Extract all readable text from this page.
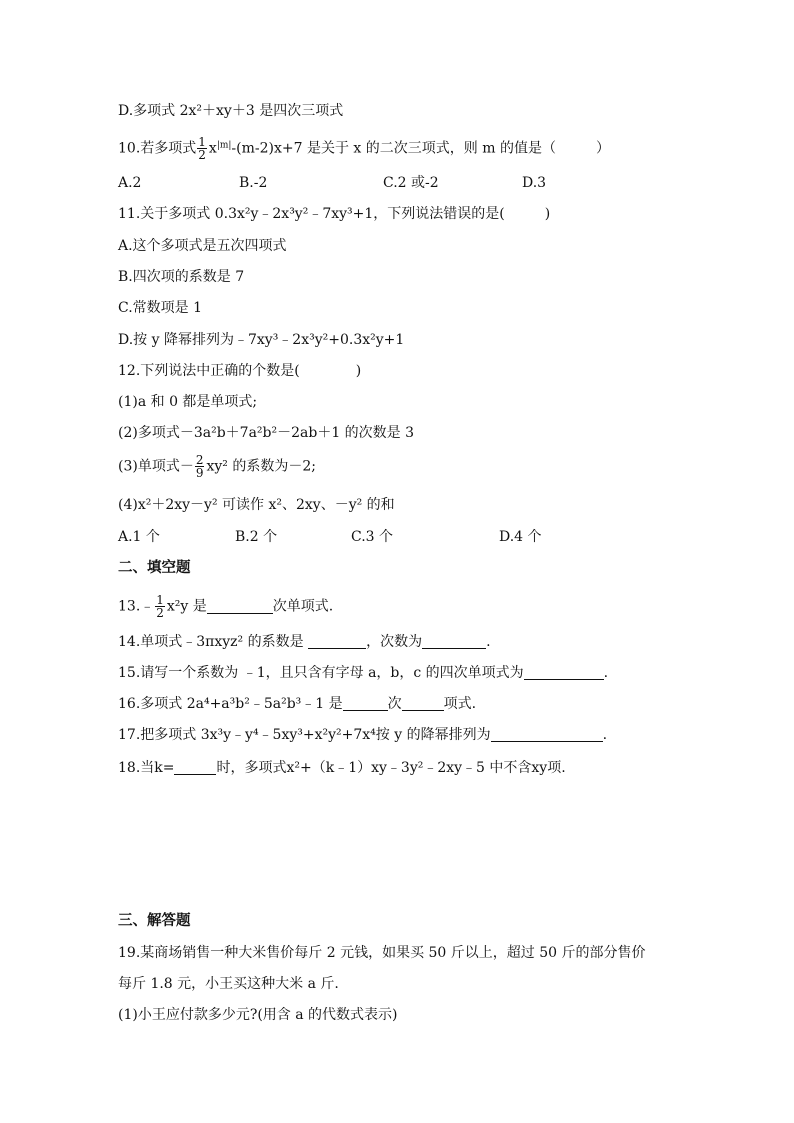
D.多项式 2x²＋xy＋3 是四次三项式
10.若多项式 $\frac{1}{2} x^{|m|}-(m-2)x+7$ 是关于 x 的二次三项式，则 m 的值是（	）
A.2	B.-2	C.2 或-2	D.3
11.关于多项式 0.3x²y﹣2x³y²﹣7xy³+1，下列说法错误的是(	)
A.这个多项式是五次四项式
B.四次项的系数是 7
C.常数项是 1
D.按 y 降幂排列为﹣7xy³﹣2x³y²+0.3x²y+1
12.下列说法中正确的个数是(	)
(1)a 和 0 都是单项式;
(2)多项式－3a²b＋7a²b²－2ab＋1 的次数是 3
(3)单项式－ $\frac{2}{9} xy^2$ 的系数为－2;
(4)x²＋2xy－y² 可读作 x²、2xy、－y² 的和
A.1 个	B.2 个	C.3 个	D.4 个
二、填空题
13.﹣ $\frac{1}{2} x^2y$ 是	次单项式.
14.单项式﹣3πxyz² 的系数是	，次数为	.
15.请写一个系数为 ﹣1，且只含有字母 a，b，c 的四次单项式为	.
16.多项式 2a⁴+a³b²﹣5a²b³﹣1 是	次	项式.
17.把多项式 3x³y﹣y⁴﹣5xy³+x²y²+7x⁴按 y 的降幂排列为	.
18.当k=	时，多项式x²+（k﹣1）xy﹣3y²﹣2xy﹣5 中不含xy项.
三、解答题
19.某商场销售一种大米售价每斤 2 元钱，如果买 50 斤以上，超过 50 斤的部分售价
每斤 1.8 元，小王买这种大米 a 斤.
(1)小王应付款多少元?(用含 a 的代数式表示)
